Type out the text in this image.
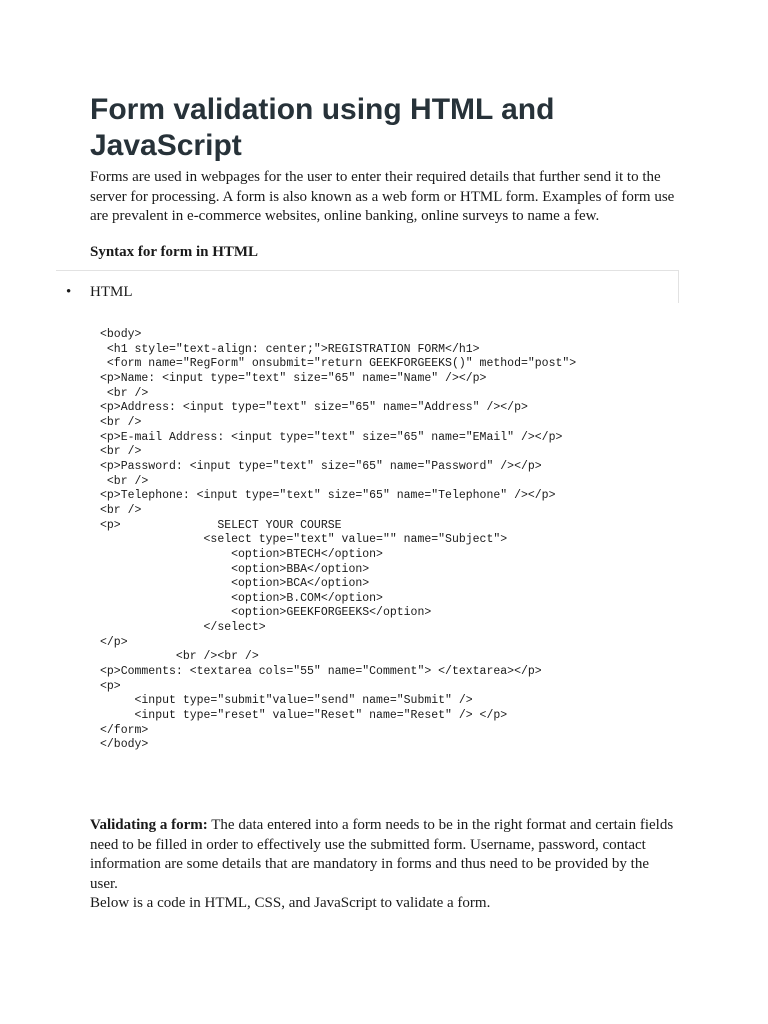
Form validation using HTML and JavaScript

Forms are used in webpages for the user to enter their required details that further send it to the server for processing. A form is also known as a web form or HTML form. Examples of form use are prevalent in e-commerce websites, online banking, online surveys to name a few.

Syntax for form in HTML

• HTML
<body>
<h1 style="text-align: center;">REGISTRATION FORM</h1>
<form name="RegForm" onsubmit="return GEEKFORGEEKS()" method="post">
<p>Name: <input type="text" size="65" name="Name" /></p>
<br />
<p>Address: <input type="text" size="65" name="Address" /></p>
<br />
<p>E-mail Address: <input type="text" size="65" name="EMail" /></p>
<br />
<p>Password: <input type="text" size="65" name="Password" /></p>
<br />
<p>Telephone: <input type="text" size="65" name="Telephone" /></p>
<br />
<p>              SELECT YOUR COURSE
<select type="text" value="" name="Subject">
<option>BTECH</option>
<option>BBA</option>
<option>BCA</option>
<option>B.COM</option>
<option>GEEKFORGEEKS</option>
</select>
</p>
<br /><br />
<p>Comments: <textarea cols="55" name="Comment"> </textarea></p>
<p>
<input type="submit"value="send" name="Submit" />
<input type="reset" value="Reset" name="Reset" /> </p>
</form>
</body>

Validating a form: The data entered into a form needs to be in the right format and certain fields need to be filled in order to effectively use the submitted form. Username, password, contact information are some details that are mandatory in forms and thus need to be provided by the user.

Below is a code in HTML, CSS, and JavaScript to validate a form.
